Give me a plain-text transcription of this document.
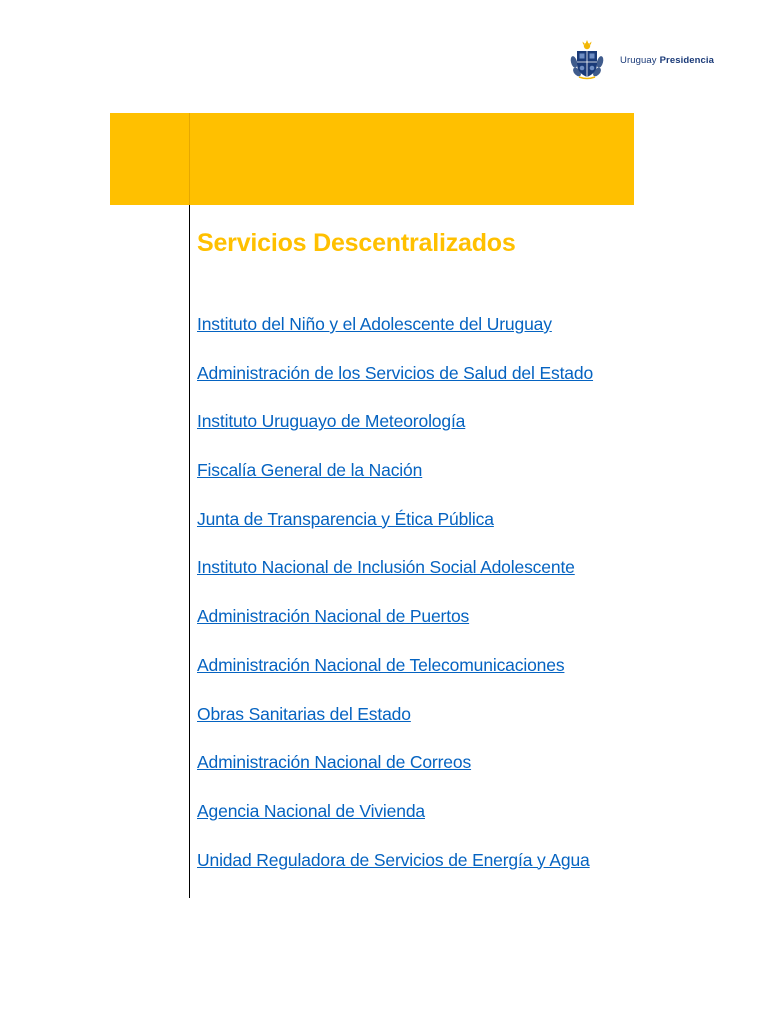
Uruguay Presidencia
Servicios Descentralizados
Instituto del Niño y el Adolescente del Uruguay
Administración de los Servicios de Salud del Estado
Instituto Uruguayo de Meteorología
Fiscalía General de la Nación
Junta de Transparencia y Ética Pública
Instituto Nacional de Inclusión Social Adolescente
Administración Nacional de Puertos
Administración Nacional de Telecomunicaciones
Obras Sanitarias del Estado
Administración Nacional de Correos
Agencia Nacional de Vivienda
Unidad Reguladora de Servicios de Energía y Agua
